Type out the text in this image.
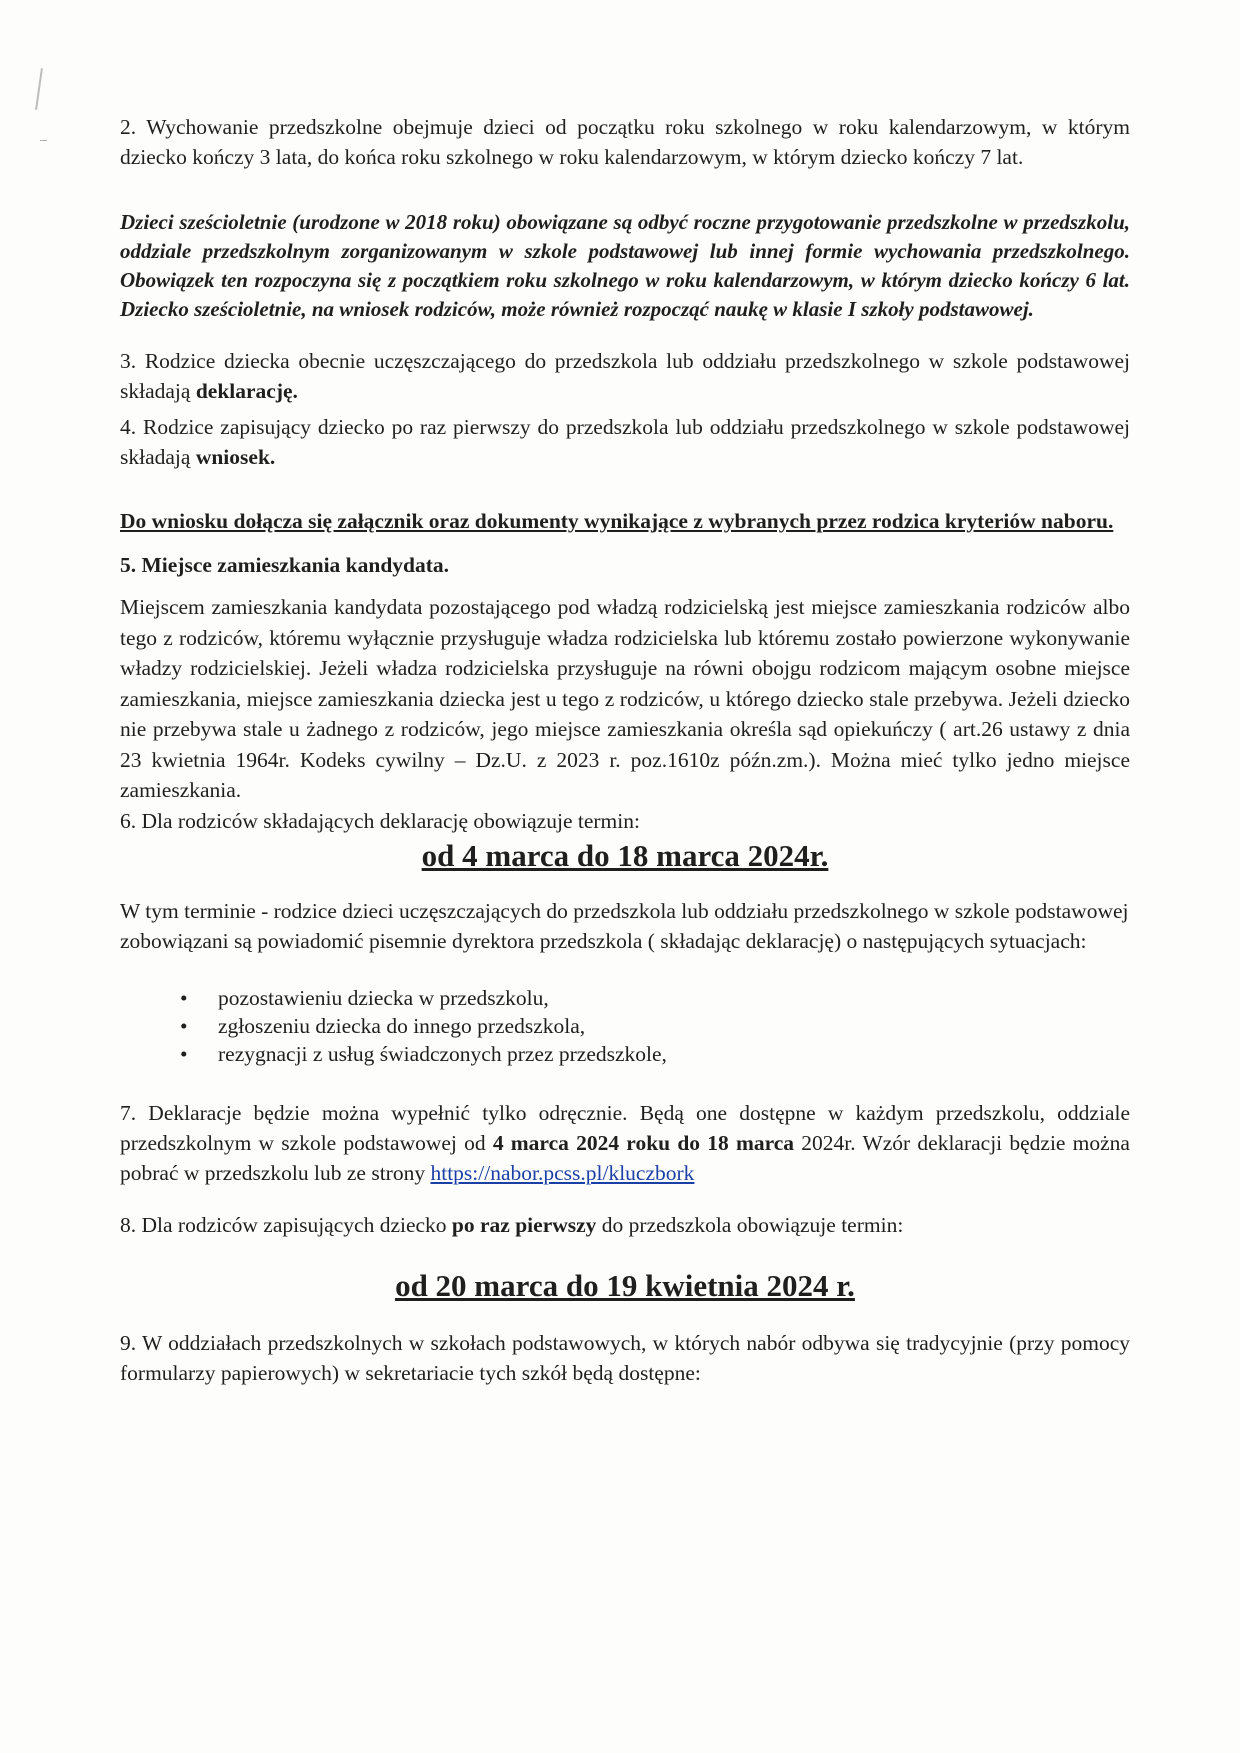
2. Wychowanie przedszkolne obejmuje dzieci od początku roku szkolnego w roku kalendarzowym, w którym dziecko kończy 3 lata, do końca roku szkolnego w roku kalendarzowym, w którym dziecko kończy 7 lat.

Dzieci sześcioletnie (urodzone w 2018 roku) obowiązane są odbyć roczne przygotowanie przedszkolne w przedszkolu, oddziale przedszkolnym zorganizowanym w szkole podstawowej lub innej formie wychowania przedszkolnego. Obowiązek ten rozpoczyna się z początkiem roku szkolnego w roku kalendarzowym, w którym dziecko kończy 6 lat. Dziecko sześcioletnie, na wniosek rodziców, może również rozpocząć naukę w klasie I szkoły podstawowej.

3. Rodzice dziecka obecnie uczęszczającego do przedszkola lub oddziału przedszkolnego w szkole podstawowej składają deklarację.

4. Rodzice zapisujący dziecko po raz pierwszy do przedszkola lub oddziału przedszkolnego w szkole podstawowej składają wniosek.

Do wniosku dołącza się załącznik oraz dokumenty wynikające z wybranych przez rodzica kryteriów naboru.

5. Miejsce zamieszkania kandydata.

Miejscem zamieszkania kandydata pozostającego pod władzą rodzicielską jest miejsce zamieszkania rodziców albo tego z rodziców, któremu wyłącznie przysługuje władza rodzicielska lub któremu zostało powierzone wykonywanie władzy rodzicielskiej. Jeżeli władza rodzicielska przysługuje na równi obojgu rodzicom mającym osobne miejsce zamieszkania, miejsce zamieszkania dziecka jest u tego z rodziców, u którego dziecko stale przebywa. Jeżeli dziecko nie przebywa stale u żadnego z rodziców, jego miejsce zamieszkania określa sąd opiekuńczy ( art.26 ustawy z dnia 23 kwietnia 1964r. Kodeks cywilny – Dz.U. z 2023 r. poz.1610z późn.zm.). Można mieć tylko jedno miejsce zamieszkania.

6. Dla rodziców składających deklarację obowiązuje termin:

od 4 marca do 18 marca 2024r.

W tym terminie - rodzice dzieci uczęszczających do przedszkola lub oddziału przedszkolnego w szkole podstawowej zobowiązani są powiadomić pisemnie dyrektora przedszkola ( składając deklarację) o następujących sytuacjach:

• pozostawieniu dziecka w przedszkolu,
• zgłoszeniu dziecka do innego przedszkola,
• rezygnacji z usług świadczonych przez przedszkole,

7. Deklaracje będzie można wypełnić tylko odręcznie. Będą one dostępne w każdym przedszkolu, oddziale przedszkolnym w szkole podstawowej od 4 marca 2024 roku do 18 marca 2024r. Wzór deklaracji będzie można pobrać w przedszkolu lub ze strony https://nabor.pcss.pl/kluczbork

8. Dla rodziców zapisujących dziecko po raz pierwszy do przedszkola obowiązuje termin:

od 20 marca do 19 kwietnia 2024 r.

9. W oddziałach przedszkolnych w szkołach podstawowych, w których nabór odbywa się tradycyjnie (przy pomocy formularzy papierowych) w sekretariacie tych szkół będą dostępne:
